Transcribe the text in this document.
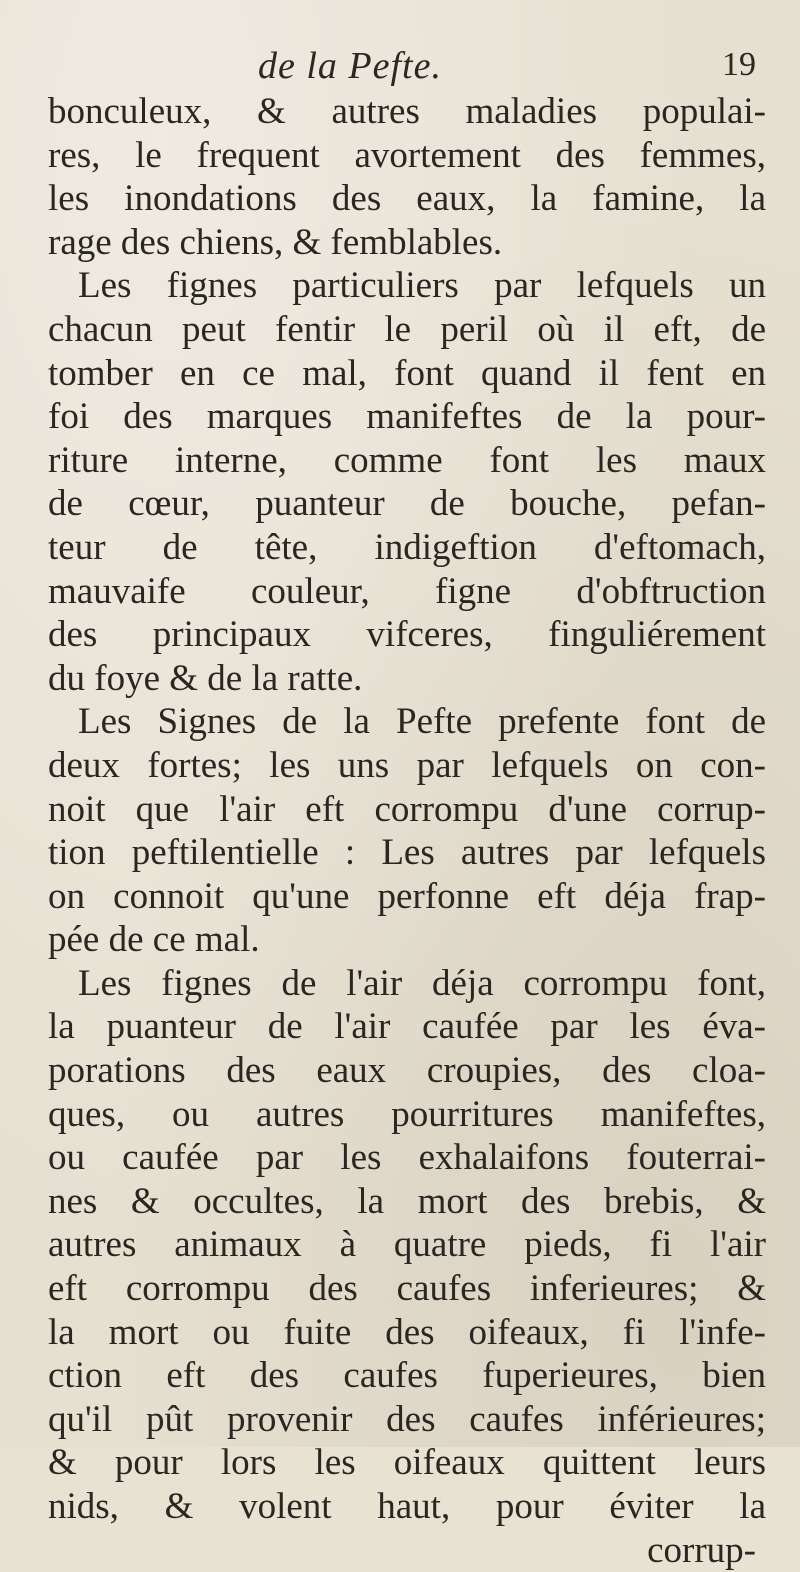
de la Pefte.	19
bonculeux, & autres maladies populai-
res, le frequent avortement des femmes,
les inondations des eaux, la famine, la
rage des chiens, & femblables.
Les fignes particuliers par lefquels un
chacun peut fentir le peril où il eft, de
tomber en ce mal, font quand il fent en
foi des marques manifeftes de la pour-
riture interne, comme font les maux
de cœur, puanteur de bouche, pefan-
teur de tête, indigeftion d'eftomach,
mauvaife couleur, figne d'obftruction
des principaux vifceres, finguliérement
du foye & de la ratte.
Les Signes de la Pefte prefente font de
deux fortes; les uns par lefquels on con-
noit que l'air eft corrompu d'une corrup-
tion peftilentielle : Les autres par lefquels
on connoit qu'une perfonne eft déja frap-
pée de ce mal.
Les fignes de l'air déja corrompu font,
la puanteur de l'air caufée par les éva-
porations des eaux croupies, des cloa-
ques, ou autres pourritures manifeftes,
ou caufée par les exhalaifons fouterrai-
nes & occultes, la mort des brebis, &
autres animaux à quatre pieds, fi l'air
eft corrompu des caufes inferieures; &
la mort ou fuite des oifeaux, fi l'infe-
ction eft des caufes fuperieures, bien
qu'il pût provenir des caufes inférieures;
& pour lors les oifeaux quittent leurs
nids, & volent haut, pour éviter la
corrup-
